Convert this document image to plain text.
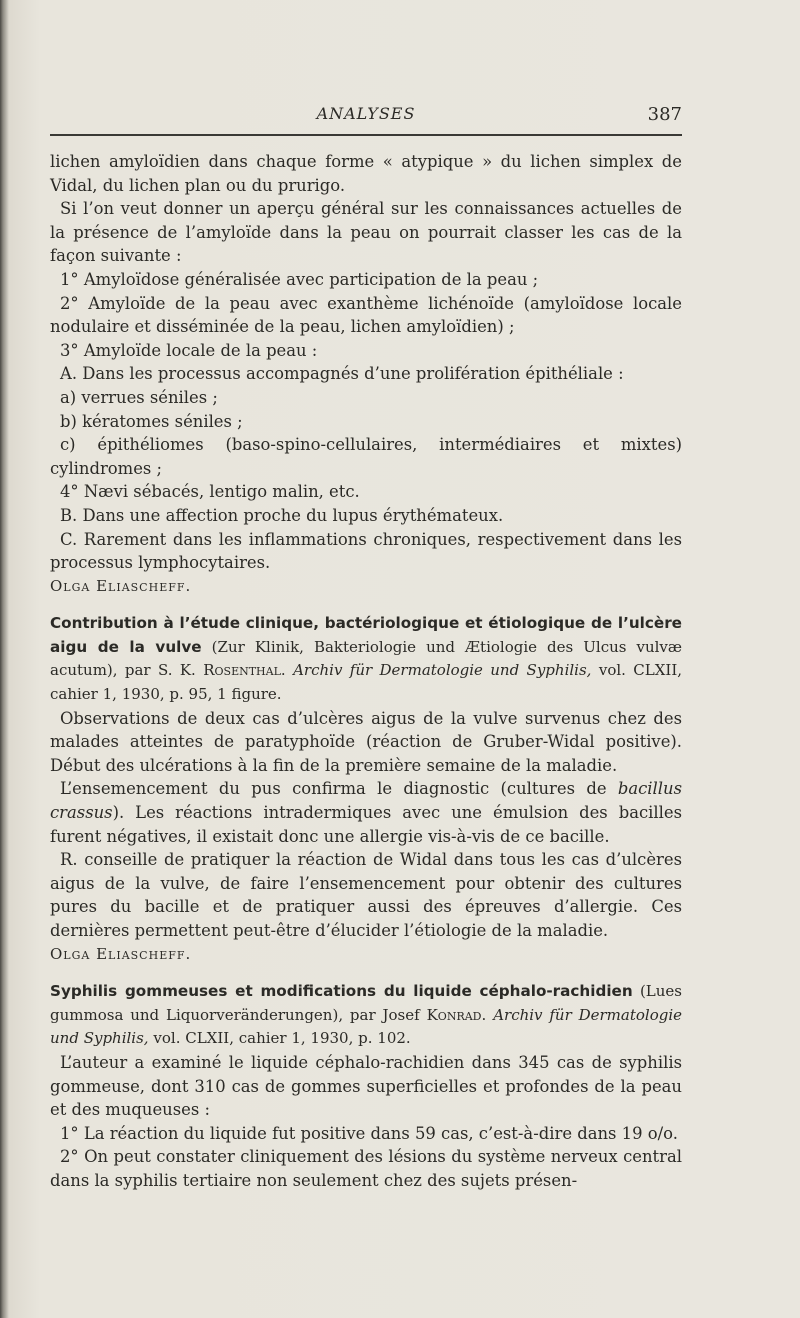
ANALYSES	387

lichen amyloïdien dans chaque forme « atypique » du lichen simplex de Vidal, du lichen plan ou du prurigo.

Si l’on veut donner un aperçu général sur les connaissances actuelles de la présence de l’amyloïde dans la peau on pourrait classer les cas de la façon suivante :

1° Amyloïdose généralisée avec participation de la peau ;

2° Amyloïde de la peau avec exanthème lichénoïde (amyloïdose locale nodulaire et disséminée de la peau, lichen amyloïdien) ;

3° Amyloïde locale de la peau :

A. Dans les processus accompagnés d’une prolifération épithéliale :

a) verrues séniles ;

b) kératomes séniles ;

c) épithéliomes (baso-spino-cellulaires, intermédiaires et mixtes) cylindromes ;

4° Nævi sébacés, lentigo malin, etc.

B. Dans une affection proche du lupus érythémateux.

C. Rarement dans les inflammations chroniques, respectivement dans les processus lymphocytaires.

Olga Eliascheff.

Contribution à l’étude clinique, bactériologique et étiologique de l’ulcère aigu de la vulve (Zur Klinik, Bakteriologie und Ætiologie des Ulcus vulvæ acutum), par S. K. Rosenthal. Archiv für Dermatologie und Syphilis, vol. CLXII, cahier 1, 1930, p. 95, 1 figure.

Observations de deux cas d’ulcères aigus de la vulve survenus chez des malades atteintes de paratyphoïde (réaction de Gruber-Widal positive). Début des ulcérations à la fin de la première semaine de la maladie.

L’ensemencement du pus confirma le diagnostic (cultures de bacillus crassus). Les réactions intradermiques avec une émulsion des bacilles furent négatives, il existait donc une allergie vis-à-vis de ce bacille.

R. conseille de pratiquer la réaction de Widal dans tous les cas d’ulcères aigus de la vulve, de faire l’ensemencement pour obtenir des cultures pures du bacille et de pratiquer aussi des épreuves d’allergie. Ces dernières permettent peut-être d’élucider l’étiologie de la maladie.

Olga Eliascheff.

Syphilis gommeuses et modifications du liquide céphalo-rachidien (Lues gummosa und Liquorveränderungen), par Josef Konrad. Archiv für Dermatologie und Syphilis, vol. CLXII, cahier 1, 1930, p. 102.

L’auteur a examiné le liquide céphalo-rachidien dans 345 cas de syphilis gommeuse, dont 310 cas de gommes superficielles et profondes de la peau et des muqueuses :

1° La réaction du liquide fut positive dans 59 cas, c’est-à-dire dans 19 o/o.

2° On peut constater cliniquement des lésions du système nerveux central dans la syphilis tertiaire non seulement chez des sujets présen-
